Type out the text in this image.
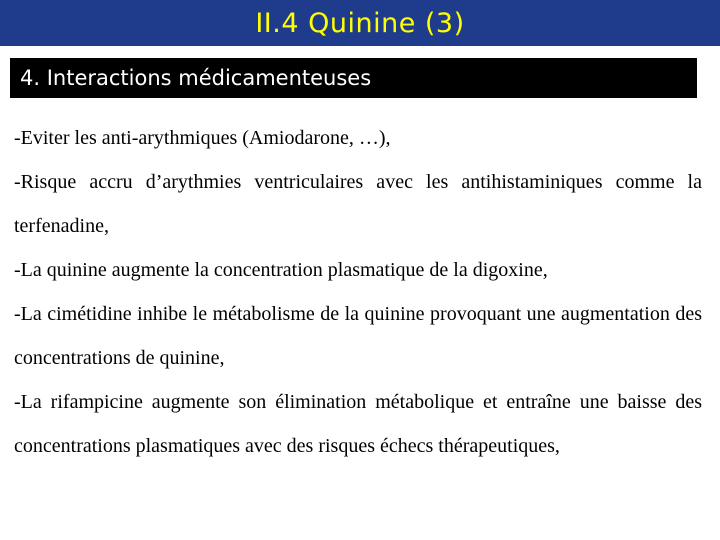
II.4 Quinine (3)
4. Interactions médicamenteuses

-Eviter les anti-arythmiques (Amiodarone, …),

-Risque accru d’arythmies ventriculaires avec les antihistaminiques comme la terfenadine,

-La quinine augmente la concentration plasmatique de la digoxine,

-La cimétidine inhibe le métabolisme de la quinine provoquant une augmentation des concentrations de quinine,

-La rifampicine augmente son élimination métabolique et entraîne une baisse des concentrations plasmatiques avec des risques échecs thérapeutiques,
